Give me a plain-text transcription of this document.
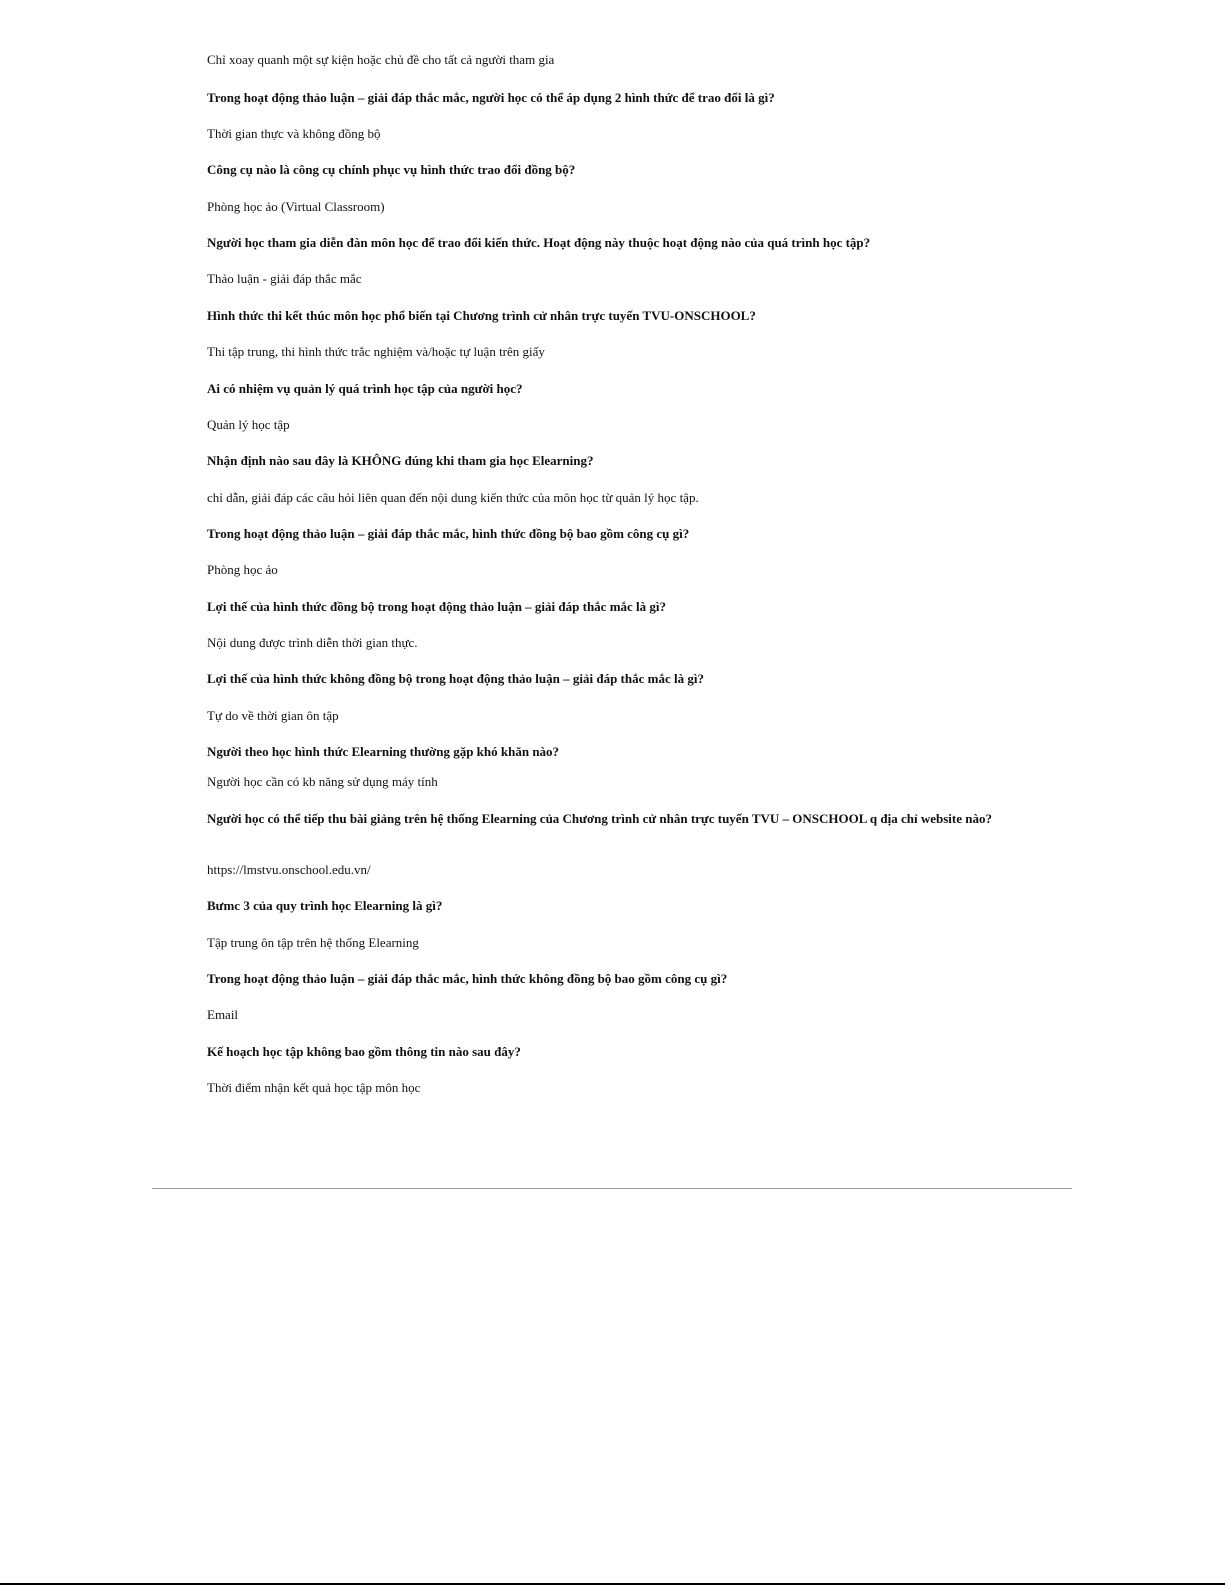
Chỉ xoay quanh một sự kiện hoặc chủ đề cho tất cả người tham gia
Trong hoạt động thảo luận – giải đáp thắc mắc, người học có thể áp dụng 2 hình thức để trao đổi là gì?
Thời gian thực và không đồng bộ
Công cụ nào là công cụ chính phục vụ hình thức trao đổi đồng bộ?
Phòng học ảo (Virtual Classroom)
Người học tham gia diễn đàn môn học để trao đổi kiến thức. Hoạt động này thuộc hoạt động nào của quá trình học tập?
Thảo luận - giải đáp thắc mắc
Hình thức thi kết thúc môn học phổ biến tại Chương trình cử nhân trực tuyến TVU-ONSCHOOL?
Thi tập trung, thi hình thức trắc nghiệm và/hoặc tự luận trên giấy
Ai có nhiệm vụ quản lý quá trình học tập của người học?
Quản lý học tập
Nhận định nào sau đây là KHÔNG đúng khi tham gia học Elearning?
chỉ dẫn, giải đáp các câu hỏi liên quan đến nội dung kiến thức của môn học từ quản lý học tập.
Trong hoạt động thảo luận – giải đáp thắc mắc, hình thức đồng bộ bao gồm công cụ gì?
Phòng học ảo
Lợi thế của hình thức đồng bộ trong hoạt động thảo luận – giải đáp thắc mắc là gì?
Nội dung được trình diễn thời gian thực.
Lợi thế của hình thức không đồng bộ trong hoạt động thảo luận – giải đáp thắc mắc là gì?
Tự do về thời gian ôn tập
Người theo học hình thức Elearning thường gặp khó khăn nào?
Người học cần có kb năng sử dụng máy tính
Người học có thể tiếp thu bài giảng trên hệ thống Elearning của Chương trình cử nhân trực tuyến TVU – ONSCHOOL q địa chỉ website nào?
https://lmstvu.onschool.edu.vn/
Bưmc 3 của quy trình học Elearning là gì?
Tập trung ôn tập trên hệ thống Elearning
Trong hoạt động thảo luận – giải đáp thắc mắc, hình thức không đồng bộ bao gồm công cụ gì?
Email
Kế hoạch học tập không bao gồm thông tin nào sau đây?
Thời điểm nhận kết quả học tập môn học
